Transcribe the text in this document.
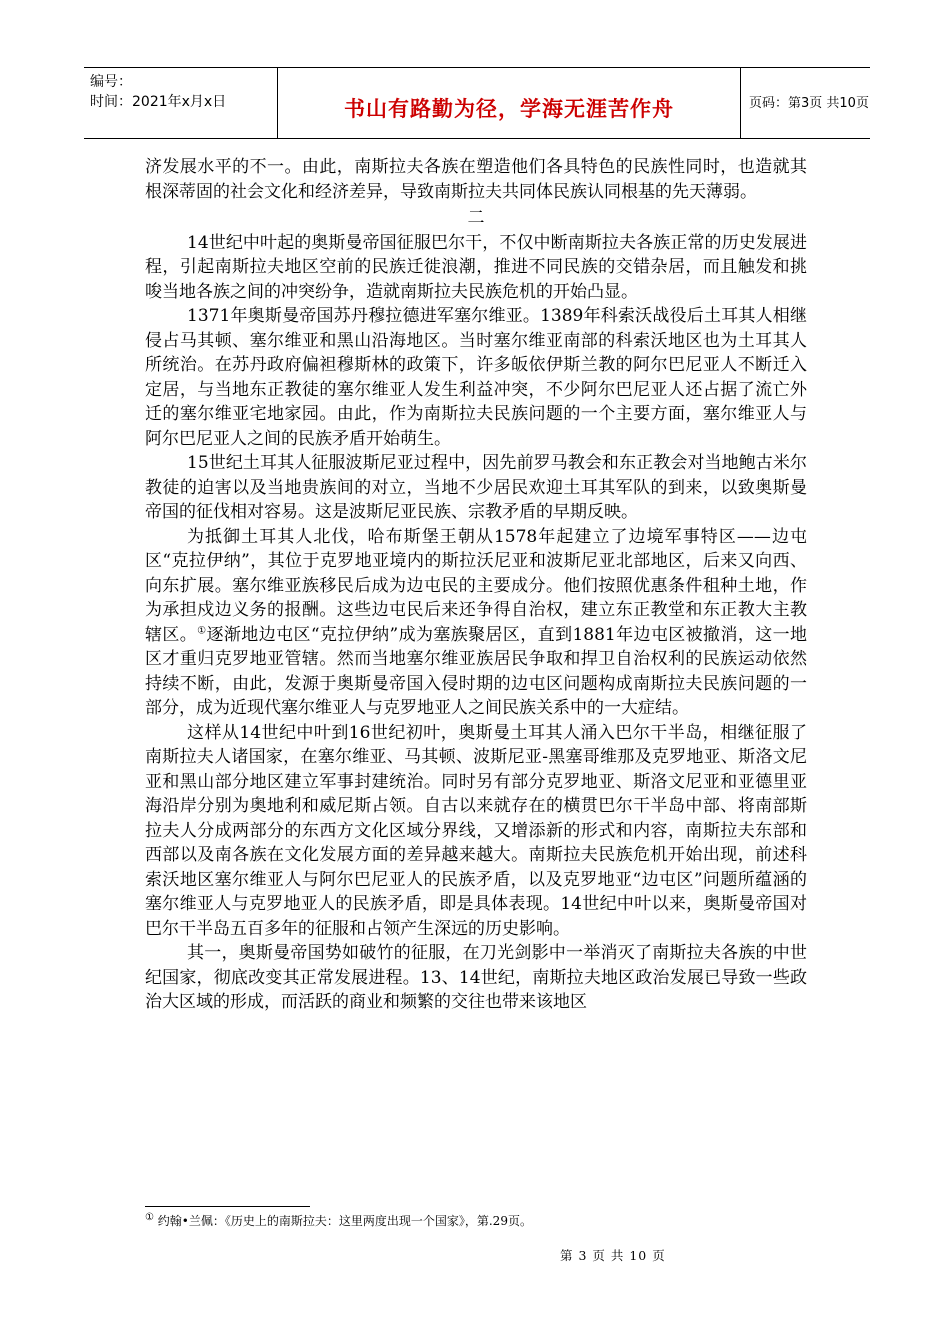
编号：
时间：2021年x月x日	书山有路勤为径，学海无涯苦作舟	页码：第3页 共10页

济发展水平的不一。由此，南斯拉夫各族在塑造他们各具特色的民族性同时，也造就其根深蒂固的社会文化和经济差异，导致南斯拉夫共同体民族认同根基的先天薄弱。

二

14世纪中叶起的奥斯曼帝国征服巴尔干，不仅中断南斯拉夫各族正常的历史发展进程，引起南斯拉夫地区空前的民族迁徙浪潮，推进不同民族的交错杂居，而且触发和挑唆当地各族之间的冲突纷争，造就南斯拉夫民族危机的开始凸显。

1371年奥斯曼帝国苏丹穆拉德进军塞尔维亚。1389年科索沃战役后土耳其人相继侵占马其顿、塞尔维亚和黑山沿海地区。当时塞尔维亚南部的科索沃地区也为土耳其人所统治。在苏丹政府偏袒穆斯林的政策下，许多皈依伊斯兰教的阿尔巴尼亚人不断迁入定居，与当地东正教徒的塞尔维亚人发生利益冲突，不少阿尔巴尼亚人还占据了流亡外迁的塞尔维亚宅地家园。由此，作为南斯拉夫民族问题的一个主要方面，塞尔维亚人与阿尔巴尼亚人之间的民族矛盾开始萌生。

15世纪土耳其人征服波斯尼亚过程中，因先前罗马教会和东正教会对当地鲍古米尔教徒的迫害以及当地贵族间的对立，当地不少居民欢迎土耳其军队的到来，以致奥斯曼帝国的征伐相对容易。这是波斯尼亚民族、宗教矛盾的早期反映。

为抵御土耳其人北伐，哈布斯堡王朝从1578年起建立了边境军事特区——边屯区“克拉伊纳”，其位于克罗地亚境内的斯拉沃尼亚和波斯尼亚北部地区，后来又向西、向东扩展。塞尔维亚族移民后成为边屯民的主要成分。他们按照优惠条件租种土地，作为承担戍边义务的报酬。这些边屯民后来还争得自治权，建立东正教堂和东正教大主教辖区。①逐渐地边屯区“克拉伊纳”成为塞族聚居区，直到1881年边屯区被撤消，这一地区才重归克罗地亚管辖。然而当地塞尔维亚族居民争取和捍卫自治权利的民族运动依然持续不断，由此，发源于奥斯曼帝国入侵时期的边屯区问题构成南斯拉夫民族问题的一部分，成为近现代塞尔维亚人与克罗地亚人之间民族关系中的一大症结。

这样从14世纪中叶到16世纪初叶，奥斯曼土耳其人涌入巴尔干半岛，相继征服了南斯拉夫人诸国家，在塞尔维亚、马其顿、波斯尼亚-黑塞哥维那及克罗地亚、斯洛文尼亚和黑山部分地区建立军事封建统治。同时另有部分克罗地亚、斯洛文尼亚和亚德里亚海沿岸分别为奥地利和威尼斯占领。自古以来就存在的横贯巴尔干半岛中部、将南部斯拉夫人分成两部分的东西方文化区域分界线，又增添新的形式和内容，南斯拉夫东部和西部以及南各族在文化发展方面的差异越来越大。南斯拉夫民族危机开始出现，前述科索沃地区塞尔维亚人与阿尔巴尼亚人的民族矛盾，以及克罗地亚“边屯区”问题所蕴涵的塞尔维亚人与克罗地亚人的民族矛盾，即是具体表现。14世纪中叶以来，奥斯曼帝国对巴尔干半岛五百多年的征服和占领产生深远的历史影响。

其一，奥斯曼帝国势如破竹的征服，在刀光剑影中一举消灭了南斯拉夫各族的中世纪国家，彻底改变其正常发展进程。13、14世纪，南斯拉夫地区政治发展已导致一些政治大区域的形成，而活跃的商业和频繁的交往也带来该地区

① 约翰•兰佩：《历史上的南斯拉夫：这里两度出现一个国家》，第.29页。
第 3 页 共 10 页
